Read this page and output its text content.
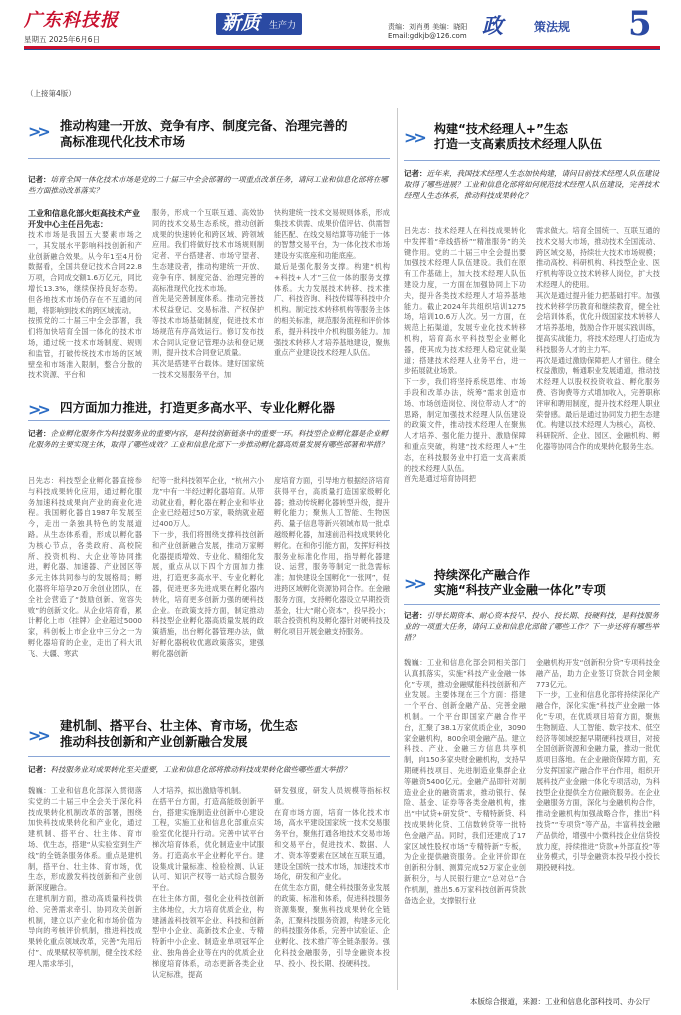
广东科技报
星期五 2025年6月6日
新质 生产力	责编：刘肖勇 美编：晓阳
Email:gdkjb@126.com 政	策法规 5
（上接第4版）
>> 推动构建一开放、竞争有序、制度完备、治理完善的
高标准现代化技术市场
记者：培育全国一体化技术市场是党的二十届三中全会部署的一项重点改革任务，请问工业和信息化部将在哪些方面推动改革落实？
工业和信息化部火炬高技术产业开发中心主任吕先志：
技术市场是我国五大要素市场之一，其发展水平影响科技创新和产业创新融合效果。从今年1至4月份数据看，全国共登记技术合同22.8万项，合同成交额1.6万亿元，同比增长13.3%，继续保持良好态势。但各地技术市场仍存在不互通的问题，将影响到技术的跨区域流动。
按照党的二十届三中全会部署，我们将加快培育全国一体化的技术市场，通过统一技术市场制度、规则和监管，打破传统技术市场的区域壁垒和市场准入限制，整合分散的技术资源、平台和
服务，形成一个互联互通、高效协同的技术交易生态系统，推动创新成果的快速转化和跨区域、跨领域应用。我们将做好技术市场规则制定者、平台搭建者、市场守望者、生态建设者，推动构建统一开放、竞争有序、制度完备、治理完善的高标准现代化技术市场。
首先是完善制度体系。推动完善技术权益登记、交易标准、产权保护等技术市场基础制度，促进技术市场规范有序高效运行。修订发布技术合同认定登记管理办法和登记规则，提升技术合同登记质量。
其次是搭建平台载体。建好国家统一技术交易服务平台，加
快构建统一技术交易规则体系，形成集技术供需、成果价值评估、供需智能匹配、在线交易结算等功能于一体的智慧交易平台，为一体化技术市场建设夯实底座和功能底座。
最后是强化服务支撑。构建“机构+科技+人才”三位一体的服务支撑体系。大力发展技术转移、技术推广、科技咨询、科技传媒等科技中介机构。制定技术转移机构等服务主体的相关标准，规范服务流程和评价体系，提升科技中介机构服务能力。加强技术转移人才培养基地建设，聚焦重点产业建设技术经理人队伍。
>> 四方面加力推进，打造更多高水平、专业化孵化器
记者：企业孵化服务作为科技服务业的重要内容，是科技创新链条中的重要一环。科技型企业孵化器是企业孵化服务的主要实现主体，取得了哪些成效？工业和信息化部下一步推动孵化器高质量发展有哪些部署和举措？
吕先志：科技型企业孵化器直接参与科技成果转化应用，通过孵化服务加速科技成果向产业的商业化进程。我国孵化器自1987年发展至今，走出一条独具特色的发展道路。从生态体系看，形成以孵化器为核心节点，各类政府、高校院所、投资机构、大企业等协同推进，孵化器、加速器、产业园区等多元主体共同参与的发展格局；孵化器将年培孕20万余创业团队，在全社会营造了“鼓励创新、宽容失败”的创新文化。从企业培育看，累计孵化上市（挂牌）企业超过5000家，科创板上市企业中三分之一为孵化器培育的企业，走出了科大讯飞、大疆、寒武
纪等一批科技领军企业，“杭州六小龙”中有一半经过孵化器培育。从带动就业看，孵化器在孵企业和毕业企业已经超过50万家，吸纳就业超过400万人。
下一步，我们将围绕支撑科技创新和产业创新融合发展，推动万家孵化器提质增效、专业化、精细化发展，重点从以下四个方面加力推进，打造更多高水平、专业化孵化器，促进更多先进成果在孵化器内转化，培育更多创新力强的硬科技企业。在政策支持方面，制定推动科技型企业孵化器高质量发展的政策措施，出台孵化器管理办法，做好孵化器税收优惠政策落实，建强孵化器创新
度培育方面，引导地方根据经济培育获得平台，高质量打造国家级孵化器；推动传统孵化器转型升级，提升孵化能力；聚焦人工智能、生物医药、量子信息等新兴领域布局一批卓越级孵化器，加速前沿科技成果转化孵化。在和你引能方面，发挥好科技服务业标准化作用，指导孵化器建设、运营，服务等制定一批急需标准；加快建设全国孵化“一张网”，促进跨区域孵化资源协同合作。在金融服务方面，支持孵化器设立早期投资基金，壮大“耐心资本”，投早投小；联合投资机构及孵化器针对硬科技及孵化项目开展金融支持服务。
>>
建机制、搭平台、壮主体、育市场，优生态
推动科技创新和产业创新融合发展
记者：科技服务业对成果转化至关重要，工业和信息化部将推动科技成果转化做些哪些重大举措？
魏巍：工业和信息化部深入贯彻落实党的二十届三中全会关于深化科技成果转化机制改革的部署，围绕加快科技成果转化和产业化，通过建机制、搭平台、壮主体、育市场、优生态，搭建“从实验室到生产线”的全链条服务体系。重点是建机制，搭平台、壮主体、育市场，优生态，形成激发科技创新和产业创新深度融合。
在建机制方面，推动高质量科技供给、完善需求牵引、协同攻关创新机制，建立以产业化和市场价值为导向的考核评价机制，推进科技成果转化重点领域改革，完善“先用后付”、成果赋权等机制，健全技术经理人需求举引，
人才培养，拟出激励等机制。
在搭平台方面，打造高能级创新平台，搭建实施制造业创新中心建设工程，实施工业和信息化部重点实验室优化提升行动。完善中试平台梯次培育体系，优化制造业中试服务。打造高水平企业孵化平台。建设集成计量标准、检验检测、认证认可、知识产权等一站式综合服务平台。
在壮主体方面，强化企业科技创新主体地位，大力培育优质企业，构建涵盖科技领军企业、科技和创新型中小企业、高新技术企业、专精特新中小企业、制造业单项冠军企业、独角兽企业等在内的优质企业梯度培育体系，动态更新各类企业认定标准，提高
研发强度，研发人员规模等指标权重。
在育市场方面，培育一体化技术市场，高水平建设国家统一技术交易服务平台，聚焦打通各地技术交易市场和交易平台，促进技术、数据、人才、资本等要素在区域在互联互通，建设全国统一技术市场，加速技术市场化，研发和产业化。
在优生态方面，健全科技服务业发展的政策、标准和体系，促进科技服务资源集聚，聚焦科技成果转化全链条，汇聚科技服务资源，构建多元化的科技服务体系，完善中试验证、企业孵化、技术推广等全链条服务。强化科技金融服务，引导金融资本投早、投小、投长期、投硬科技。
>> 构建“技术经理人+”生态
打造一支高素质技术经理人队伍
记者：近年来，我国技术经理人生态加快构建，请问目前技术经理人队伍建设取得了哪些进展？工业和信息化部将如何规范技术经理人队伍建设，完善技术经理人生态体系，推动科技成果转化？
吕先志：技术经理人在科技成果转化中发挥着“牵线搭桥”“精准服务”的关键作用。党的二十届三中全会提出要加强技术经理人队伍建设。我们在原有工作基础上，加大技术经理人队伍建设力度，一方面在加强协同上下功夫，提升各类技术经理人才培养基地能力。截止2024年共组织培训1275场，培训10.6万人次。另一方面，在规范上拓渠道，发展专业化技术转移机构，培育高水平科技型企业孵化器，使其成为技术经理人稳定就业渠道；搭建技术经理人业务平台，进一步拓展就业场景。
下一步，我们将坚持系统思维、市场手段和改革办法，统筹“需求创造市场、市场创造岗位、岗位带动人才”的思路，制定加强技术经理人队伍建设的政策文件，推动技术经理人在聚焦人才培养、强化能力提升、激励保障和重点突破，构建“技术经理人+”生态，在科技服务业中打造一支高素质的技术经理人队伍。
首先是通过培育协同把
需求做大。培育全国统一、互联互通的技术交易大市场，推动技术全国流动、跨区域交易，持续壮大技术市场规模；推动高校、科研机构、科技型企业、医疗机构等设立技术转移人岗位，扩大技术经理人的使用。
其次是通过提升能力把基础打牢。加强技术转移学历教育和继续教育，健全社会培训体系，优化升级国家技术转移人才培养基地，鼓励合作开展实践训练，提高实战能力，将技术经理人打造成为科技服务人才的主力军。
再次是通过激励保障把人才留住。健全权益激励，畅通职业发展通道，推动技术经理人以股权投资收益、孵化服务费、咨询费等方式增加收入，完善职称评审和聘用制度，提升技术经理人职业荣誉感。最后是通过协同发力把生态建优。构建以技术经理人为核心，高校、科研院所、企业、园区、金融机构、孵化器等协同合作的成果转化服务生态。
>> 持续深化产融合作
实施“科技产业金融一体化”专项
记者：引导长期资本、耐心资本投早、投小、投长期、投硬科技，是科技服务业的一项重大任务，请问工业和信息化部做了哪些工作？下一步还将有哪些举措？
魏巍：工业和信息化部会同相关部门认真抓落实，实施“科技产业金融一体化”专项，推动金融赋能科技创新和产业发展。主要体现在三个方面：搭建一个平台、创新金融产品、完善金融机制。一个平台即国家产融合作平台，汇聚了38.1万家优质企业，3090家金融机构，800余项金融产品。建立科技、产业、金融三方信息共享机制，向150多家央财金融机构，支持早期硬科技项目、先进制造业集群企业等融资5400亿元。金融产品即针对制造业企业的融资需求，推动银行、保险、基金、证券等各类金融机构，推出“中试贷+研发贷”、专精特新贷、科技成果转化贷、工信数转贷等一批特色金融产品。同时，我们还建成了17家区域性股权市场“专精特新”专板，为企业提供融资服务。企业评价即在创新积分制、测算完成52万家企业创新积分，与人民银行建立“总对总”合作机制，推出5.6万家科技创新再贷款备选企业，支撑银行业
金融机构开发“创新积分贷”专项科技金融产品，助力企业签订贷款合同金额773亿元。
下一步，工业和信息化部将持续深化产融合作，深化实施“科技产业金融一体化”专项，在优质项目培育方面，聚焦生物制造、人工智能、数字技术、低空经济等领域挖掘早期硬科技项目，对接全国创新资源和金融力量，推动一批优质项目落地。在企业融资保障方面，充分发挥国家产融合作平台作用，组织开展科技产业金融一体化专项活动，为科技型企业提供全方位融资服务。在企业金融服务方面，深化与金融机构合作，推动金融机构加强战略合作，推出“科技贷”“专项贷”等产品，丰富科技金融产品供给，增强中小微科技企业信贷投放力度，持续推进“贷款+外部直投”等业务模式，引导金融资本投早投小投长期投硬科技。
本版综合报道，来源：工业和信息化部科技司、办公厅
